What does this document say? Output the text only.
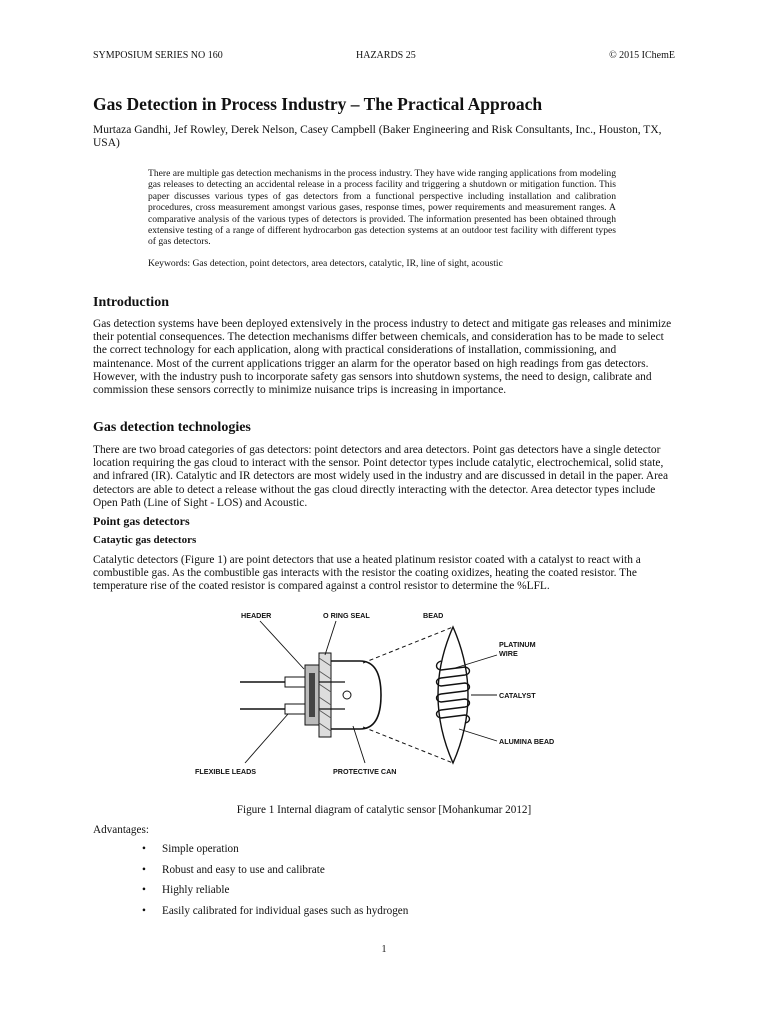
SYMPOSIUM SERIES NO 160	HAZARDS 25	© 2015 IChemE
Gas Detection in Process Industry – The Practical Approach

Murtaza Gandhi, Jef Rowley, Derek Nelson, Casey Campbell (Baker Engineering and Risk Consultants, Inc., Houston, TX, USA)

There are multiple gas detection mechanisms in the process industry. They have wide ranging applications from modeling gas releases to detecting an accidental release in a process facility and triggering a shutdown or mitigation function. This paper discusses various types of gas detectors from a functional perspective including installation and calibration procedures, cross measurement amongst various gases, response times, power requirements and measurement ranges. A comparative analysis of the various types of detectors is provided. The information presented has been obtained through extensive testing of a range of different hydrocarbon gas detection systems at an outdoor test facility with different types of gas detectors.

Keywords: Gas detection, point detectors, area detectors, catalytic, IR, line of sight, acoustic

Introduction

Gas detection systems have been deployed extensively in the process industry to detect and mitigate gas releases and minimize their potential consequences. The detection mechanisms differ between chemicals, and consideration has to be made to select the correct technology for each application, along with practical considerations of installation, commissioning, and maintenance. Most of the current applications trigger an alarm for the operator based on high readings from gas detectors. However, with the industry push to incorporate safety gas sensors into shutdown systems, the need to design, calibrate and commission these sensors correctly to minimize nuisance trips is increasing in importance.

Gas detection technologies

There are two broad categories of gas detectors: point detectors and area detectors. Point gas detectors have a single detector location requiring the gas cloud to interact with the sensor. Point detector types include catalytic, electrochemical, solid state, and infrared (IR). Catalytic and IR detectors are most widely used in the industry and are discussed in detail in the paper. Area detectors are able to detect a release without the gas cloud directly interacting with the detector. Area detector types include Open Path (Line of Sight - LOS) and Acoustic.

Point gas detectors
Cataytic gas detectors

Catalytic detectors (Figure 1) are point detectors that use a heated platinum resistor coated with a catalyst to react with a combustible gas. As the combustible gas interacts with the resistor the coating oxidizes, heating the coated resistor. The temperature rise of the coated resistor is compared against a control resistor to determine the %LFL.

HEADER	O RING SEAL	BEAD
PLATINUM
WIRE
CATALYST
ALUMINA BEAD
FLEXIBLE LEADS	PROTECTIVE CAN

Figure 1 Internal diagram of catalytic sensor [Mohankumar 2012]

Advantages:

• Simple operation
• Robust and easy to use and calibrate
• Highly reliable
• Easily calibrated for individual gases such as hydrogen

1
